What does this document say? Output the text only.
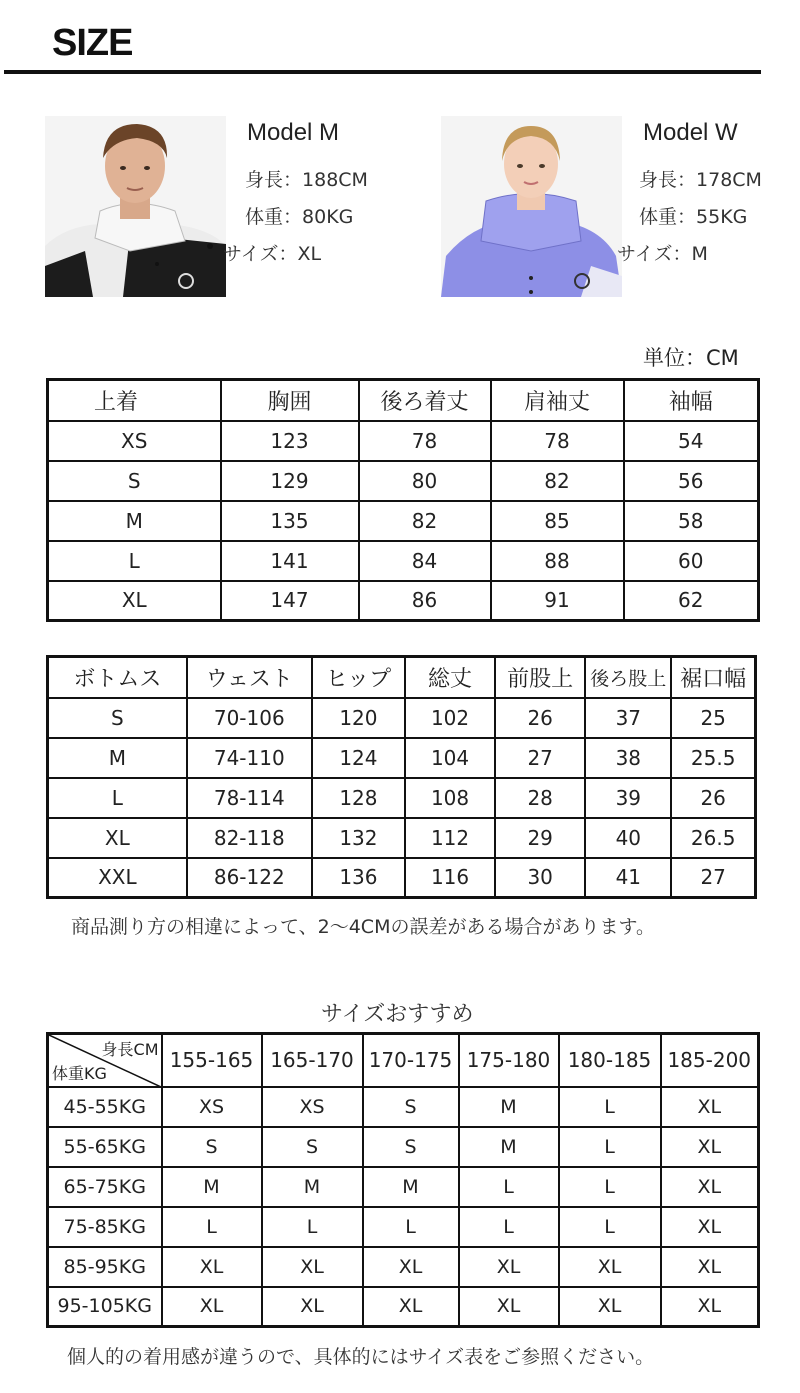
SIZE
Model M
身長：188CM
体重：80KG
サイズ：XL
Model W
身長：178CM
体重：55KG
サイズ：M
単位：CM
上着	胸囲	後ろ着丈	肩袖丈	袖幅
XS	123	78	78	54
S	129	80	82	56
M	135	82	85	58
L	141	84	88	60
XL	147	86	91	62
ボトムス	ウェスト	ヒップ	総丈	前股上	後ろ股上	裾口幅
S	70-106	120	102	26	37	25
M	74-110	124	104	27	38	25.5
L	78-114	128	108	28	39	26
XL	82-118	132	112	29	40	26.5
XXL	86-122	136	116	30	41	27
商品測り方の相違によって、2～4CMの誤差がある場合があります。
サイズおすすめ
身長CM
体重KG	155-165	165-170	170-175	175-180	180-185	185-200
45-55KG	XS	XS	S	M	L	XL
55-65KG	S	S	S	M	L	XL
65-75KG	M	M	M	L	L	XL
75-85KG	L	L	L	L	L	XL
85-95KG	XL	XL	XL	XL	XL	XL
95-105KG	XL	XL	XL	XL	XL	XL
個人的の着用感が違うので、具体的にはサイズ表をご参照ください。
